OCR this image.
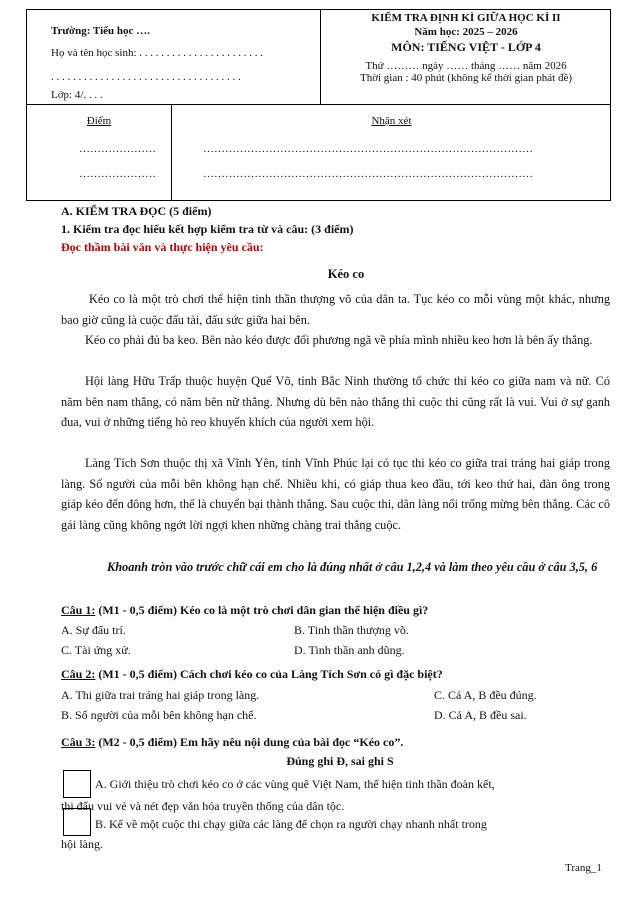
Trường: Tiểu học ….
Họ và tên học sinh: . . . . . . . . . . . . . . . . . . . . . . .
. . . . . . . . . . . . . . . . . . . . . . . . . . . . . . . . . . .
Lớp: 4/. . . .
KIỂM TRA ĐỊNH KÌ GIỮA HỌC KÌ II
Năm học: 2025 – 2026
MÔN: TIẾNG VIỆT - LỚP 4
Thứ ……… ngày …… tháng …… năm 2026
Thời gian : 40 phút (không kể thời gian phát đề)
Điểm	Nhận xét
…………………
…………………
………………………………………………………………………………
………………………………………………………………………………
A. KIỂM TRA ĐỌC (5 điểm)
1. Kiểm tra đọc hiểu kết hợp kiểm tra từ và câu: (3 điểm)
Đọc thầm bài văn và thực hiện yêu cầu:
Kéo co
Kéo co là một trò chơi thể hiện tinh thần thượng võ của dân ta. Tục kéo co mỗi vùng một khác, nhưng bao giờ cũng là cuộc đấu tài, đấu sức giữa hai bên.
Kéo co phải đủ ba keo. Bên nào kéo được đối phương ngã về phía mình nhiều keo hơn là bên ấy thắng.
Hội làng Hữu Trấp thuộc huyện Quế Võ, tỉnh Bắc Ninh thường tổ chức thi kéo co giữa nam và nữ. Có năm bên nam thắng, có năm bên nữ thắng. Nhưng dù bên nào thắng thì cuộc thi cũng rất là vui. Vui ở sự ganh đua, vui ở những tiếng hò reo khuyến khích của người xem hội.
Làng Tích Sơn thuộc thị xã Vĩnh Yên, tỉnh Vĩnh Phúc lại có tục thi kéo co giữa trai tráng hai giáp trong làng. Số người của mỗi bên không hạn chế. Nhiều khi, có giáp thua keo đầu, tới keo thứ hai, đàn ông trong giáp kéo đến đông hơn, thế là chuyển bại thành thắng. Sau cuộc thi, dân làng nổi trống mừng bên thắng. Các cô gái làng cũng không ngớt lời ngợi khen những chàng trai thắng cuộc.
Khoanh tròn vào trước chữ cái em cho là đúng nhất ở câu 1,2,4 và làm theo yêu cầu ở câu 3,5, 6
Câu 1: (M1 - 0,5 điểm) Kéo co là một trò chơi dân gian thể hiện điều gì?
A. Sự đấu trí.	B. Tinh thần thượng võ.
C. Tài ứng xử.	D. Tinh thần anh dũng.
Câu 2: (M1 - 0,5 điểm) Cách chơi kéo co của Làng Tích Sơn có gì đặc biệt?
A. Thi giữa trai tráng hai giáp trong làng.	C. Cả A, B đều đúng.
B. Số người của mỗi bên không hạn chế.	D. Cả A, B đều sai.
Câu 3: (M2 - 0,5 điểm) Em hãy nêu nội dung của bài đọc “Kéo co”.
Đúng ghi Đ, sai ghi S
A. Giới thiệu trò chơi kéo co ở các vùng quê Việt Nam, thể hiện tinh thần đoàn kết,
thi đấu vui vẻ và nét đẹp văn hóa truyền thống của dân tộc.
B. Kể về một cuộc thi chạy giữa các làng để chọn ra người chạy nhanh nhất trong
hội làng.
Trang_1
